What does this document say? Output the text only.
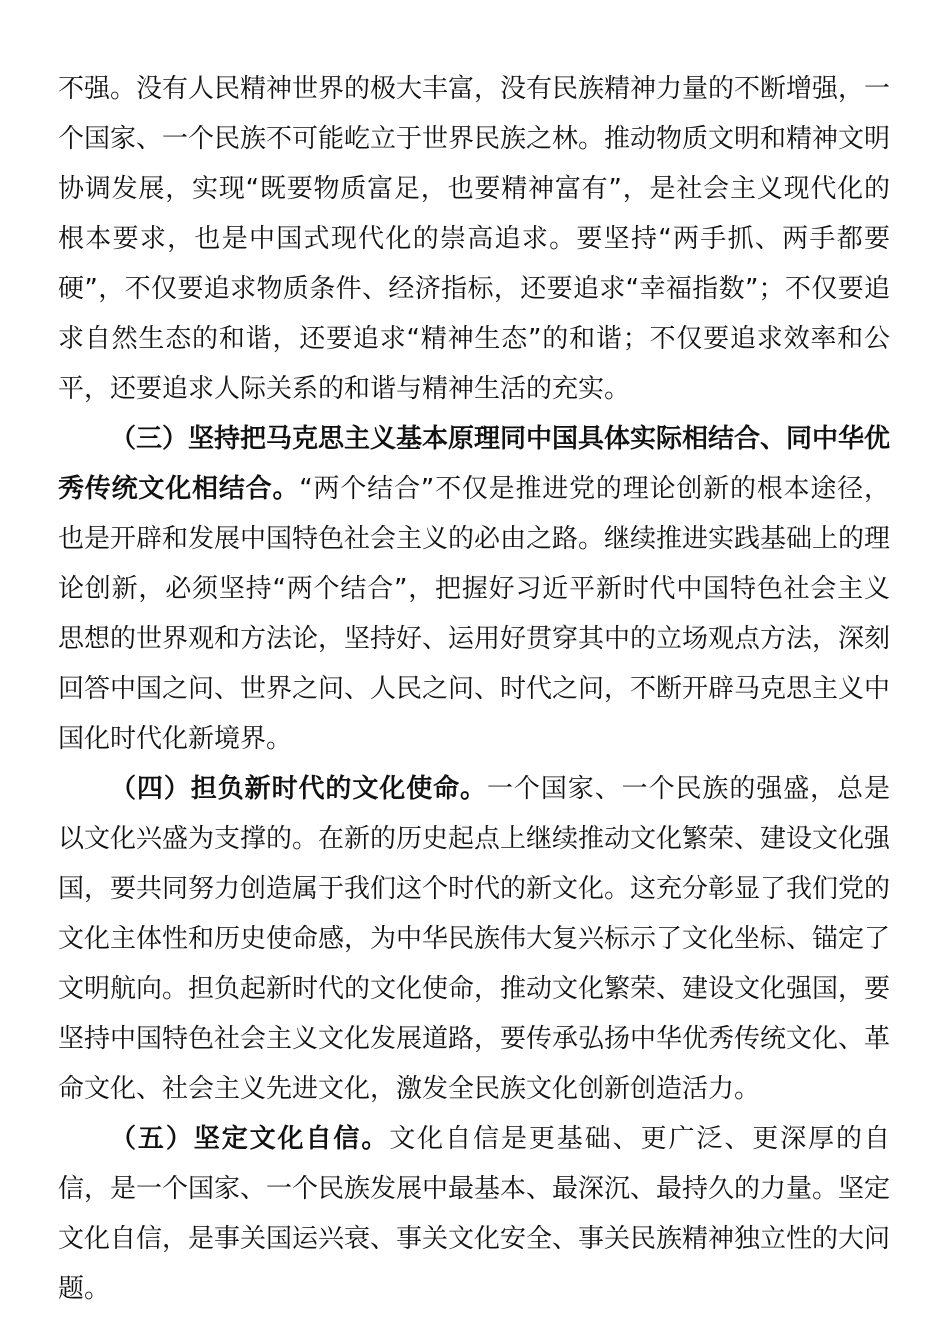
不强。没有人民精神世界的极大丰富，没有民族精神力量的不断增强，一个国家、一个民族不可能屹立于世界民族之林。推动物质文明和精神文明协调发展，实现“既要物质富足，也要精神富有”，是社会主义现代化的根本要求，也是中国式现代化的崇高追求。要坚持“两手抓、两手都要硬”，不仅要追求物质条件、经济指标，还要追求“幸福指数”；不仅要追求自然生态的和谐，还要追求“精神生态”的和谐；不仅要追求效率和公平，还要追求人际关系的和谐与精神生活的充实。

（三）坚持把马克思主义基本原理同中国具体实际相结合、同中华优秀传统文化相结合。“两个结合”不仅是推进党的理论创新的根本途径，也是开辟和发展中国特色社会主义的必由之路。继续推进实践基础上的理论创新，必须坚持“两个结合”，把握好习近平新时代中国特色社会主义思想的世界观和方法论，坚持好、运用好贯穿其中的立场观点方法，深刻回答中国之问、世界之问、人民之问、时代之问，不断开辟马克思主义中国化时代化新境界。

（四）担负新时代的文化使命。一个国家、一个民族的强盛，总是以文化兴盛为支撑的。在新的历史起点上继续推动文化繁荣、建设文化强国，要共同努力创造属于我们这个时代的新文化。这充分彰显了我们党的文化主体性和历史使命感，为中华民族伟大复兴标示了文化坐标、锚定了文明航向。担负起新时代的文化使命，推动文化繁荣、建设文化强国，要坚持中国特色社会主义文化发展道路，要传承弘扬中华优秀传统文化、革命文化、社会主义先进文化，激发全民族文化创新创造活力。

（五）坚定文化自信。文化自信是更基础、更广泛、更深厚的自信，是一个国家、一个民族发展中最基本、最深沉、最持久的力量。坚定文化自信，是事关国运兴衰、事关文化安全、事关民族精神独立性的大问题。
